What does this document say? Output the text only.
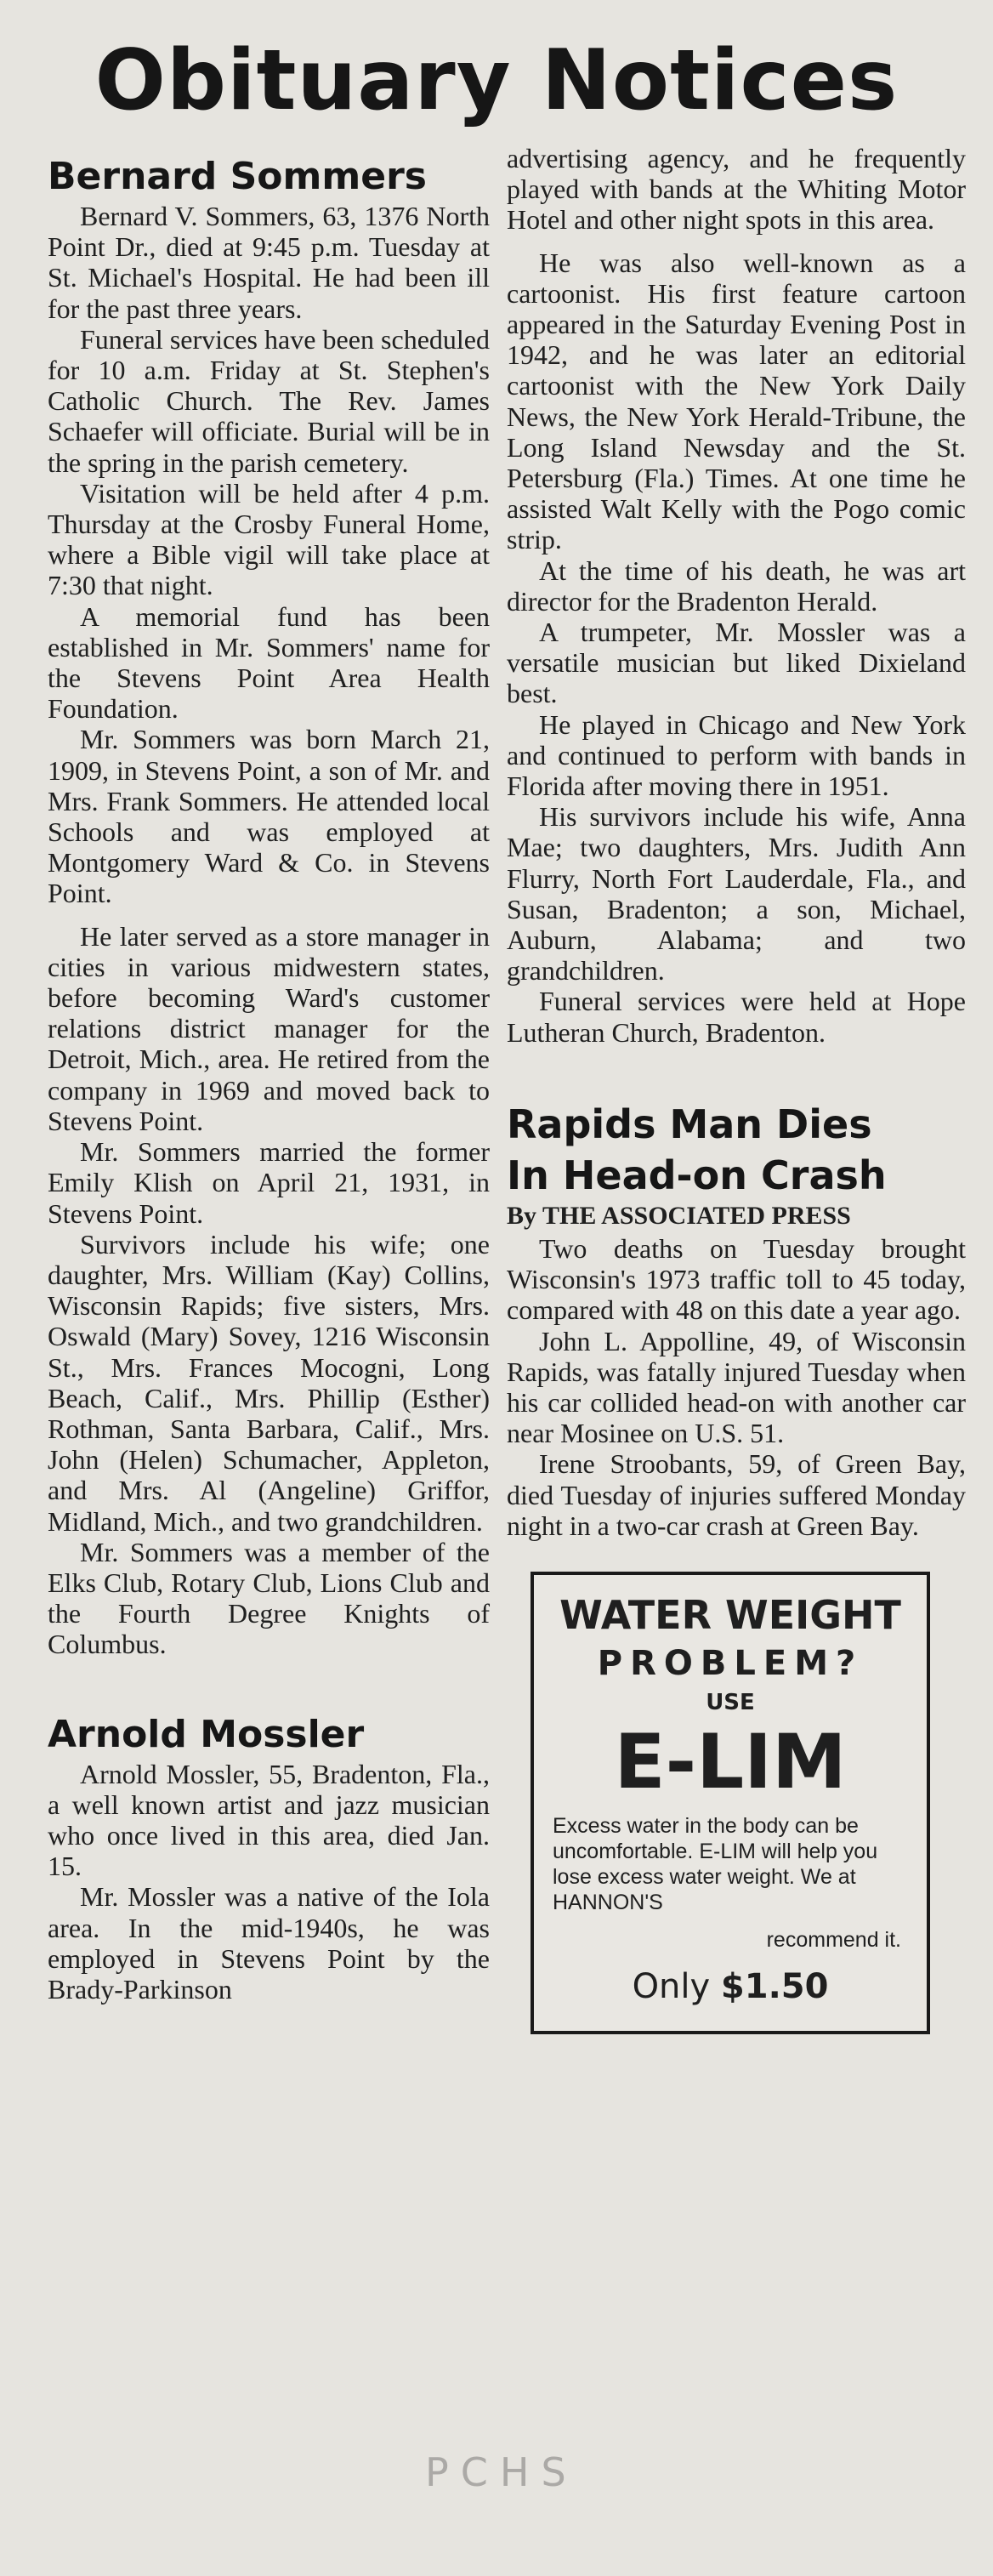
Obituary Notices
Bernard Sommers

Bernard V. Sommers, 63, 1376 North Point Dr., died at 9:45 p.m. Tuesday at St. Michael's Hospital. He had been ill for the past three years.

Funeral services have been scheduled for 10 a.m. Friday at St. Stephen's Catholic Church. The Rev. James Schaefer will officiate. Burial will be in the spring in the parish cemetery.

Visitation will be held after 4 p.m. Thursday at the Crosby Funeral Home, where a Bible vigil will take place at 7:30 that night.

A memorial fund has been established in Mr. Sommers' name for the Stevens Point Area Health Foundation.

Mr. Sommers was born March 21, 1909, in Stevens Point, a son of Mr. and Mrs. Frank Sommers. He attended local Schools and was employed at Montgomery Ward & Co. in Stevens Point.

He later served as a store manager in cities in various midwestern states, before becoming Ward's customer relations district manager for the Detroit, Mich., area. He retired from the company in 1969 and moved back to Stevens Point.

Mr. Sommers married the former Emily Klish on April 21, 1931, in Stevens Point.

Survivors include his wife; one daughter, Mrs. William (Kay) Collins, Wisconsin Rapids; five sisters, Mrs. Oswald (Mary) Sovey, 1216 Wisconsin St., Mrs. Frances Mocogni, Long Beach, Calif., Mrs. Phillip (Esther) Rothman, Santa Barbara, Calif., Mrs. John (Helen) Schumacher, Appleton, and Mrs. Al (Angeline) Griffor, Midland, Mich., and two grandchildren.

Mr. Sommers was a member of the Elks Club, Rotary Club, Lions Club and the Fourth Degree Knights of Columbus.

Arnold Mossler

Arnold Mossler, 55, Bradenton, Fla., a well known artist and jazz musician who once lived in this area, died Jan. 15.

Mr. Mossler was a native of the Iola area. In the mid-1940s, he was employed in Stevens Point by the Brady-Parkinson

advertising agency, and he frequently played with bands at the Whiting Motor Hotel and other night spots in this area.

He was also well-known as a cartoonist. His first feature cartoon appeared in the Saturday Evening Post in 1942, and he was later an editorial cartoonist with the New York Daily News, the New York Herald-Tribune, the Long Island Newsday and the St. Petersburg (Fla.) Times. At one time he assisted Walt Kelly with the Pogo comic strip.

At the time of his death, he was art director for the Bradenton Herald.

A trumpeter, Mr. Mossler was a versatile musician but liked Dixieland best.

He played in Chicago and New York and continued to perform with bands in Florida after moving there in 1951.

His survivors include his wife, Anna Mae; two daughters, Mrs. Judith Ann Flurry, North Fort Lauderdale, Fla., and Susan, Bradenton; a son, Michael, Auburn, Alabama; and two grandchildren.

Funeral services were held at Hope Lutheran Church, Bradenton.

Rapids Man Dies
In Head-on Crash
By THE ASSOCIATED PRESS

Two deaths on Tuesday brought Wisconsin's 1973 traffic toll to 45 today, compared with 48 on this date a year ago.

John L. Appolline, 49, of Wisconsin Rapids, was fatally injured Tuesday when his car collided head-on with another car near Mosinee on U.S. 51.

Irene Stroobants, 59, of Green Bay, died Tuesday of injuries suffered Monday night in a two-car crash at Green Bay.

WATER WEIGHT
PROBLEM?
USE
E-LIM
Excess water in the body can be uncomfortable. E-LIM will help you lose excess water weight. We at HANNON'S
recommend it.
Only $1.50
PCHS
